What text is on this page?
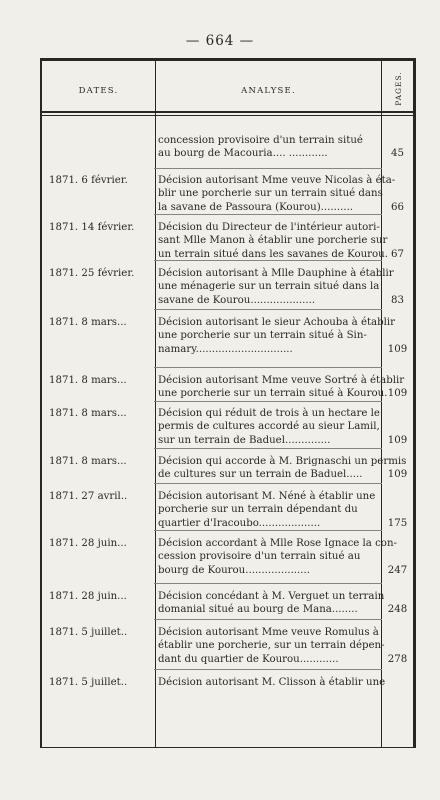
— 664 —
DATES.	ANALYSE.	PAGES.
concession provisoire d'un terrain situé
au bourg de Macouria.... ............	45
1871. 6 février.	Décision autorisant Mme veuve Nicolas à éta-
blir une porcherie sur un terrain situé dans
la savane de Passoura (Kourou)..........	66
1871. 14 février.	Décision du Directeur de l'intérieur autori-
sant Mlle Manon à établir une porcherie sur
un terrain situé dans les savanes de Kourou. 67
1871. 25 février.	Décision autorisant à Mlle Dauphine à établir
une ménagerie sur un terrain situé dans la
savane de Kourou....................	83
1871. 8 mars...	Décision autorisant le sieur Achouba à établir
une porcherie sur un terrain situé à Sin-
namary..............................	109
1871. 8 mars...	Décision autorisant Mme veuve Sortré à établir
une porcherie sur un terrain situé à Kourou. 109
1871. 8 mars...	Décision qui réduit de trois à un hectare le
permis de cultures accordé au sieur Lamil,
sur un terrain de Baduel..............	109
1871. 8 mars...	Décision qui accorde à M. Brignaschi un permis
de cultures sur un terrain de Baduel.....	109
1871. 27 avril..	Décision autorisant M. Néné à établir une
porcherie sur un terrain dépendant du
quartier d'Iracoubo...................	175
1871. 28 juin...	Décision accordant à Mlle Rose Ignace la con-
cession provisoire d'un terrain situé au
bourg de Kourou....................	247
1871. 28 juin...	Décision concédant à M. Verguet un terrain
domanial situé au bourg de Mana........	248
1871. 5 juillet..	Décision autorisant Mme veuve Romulus à
établir une porcherie, sur un terrain dépen-
dant du quartier de Kourou............	278
1871. 5 juillet..	Décision autorisant M. Clisson à établir une
